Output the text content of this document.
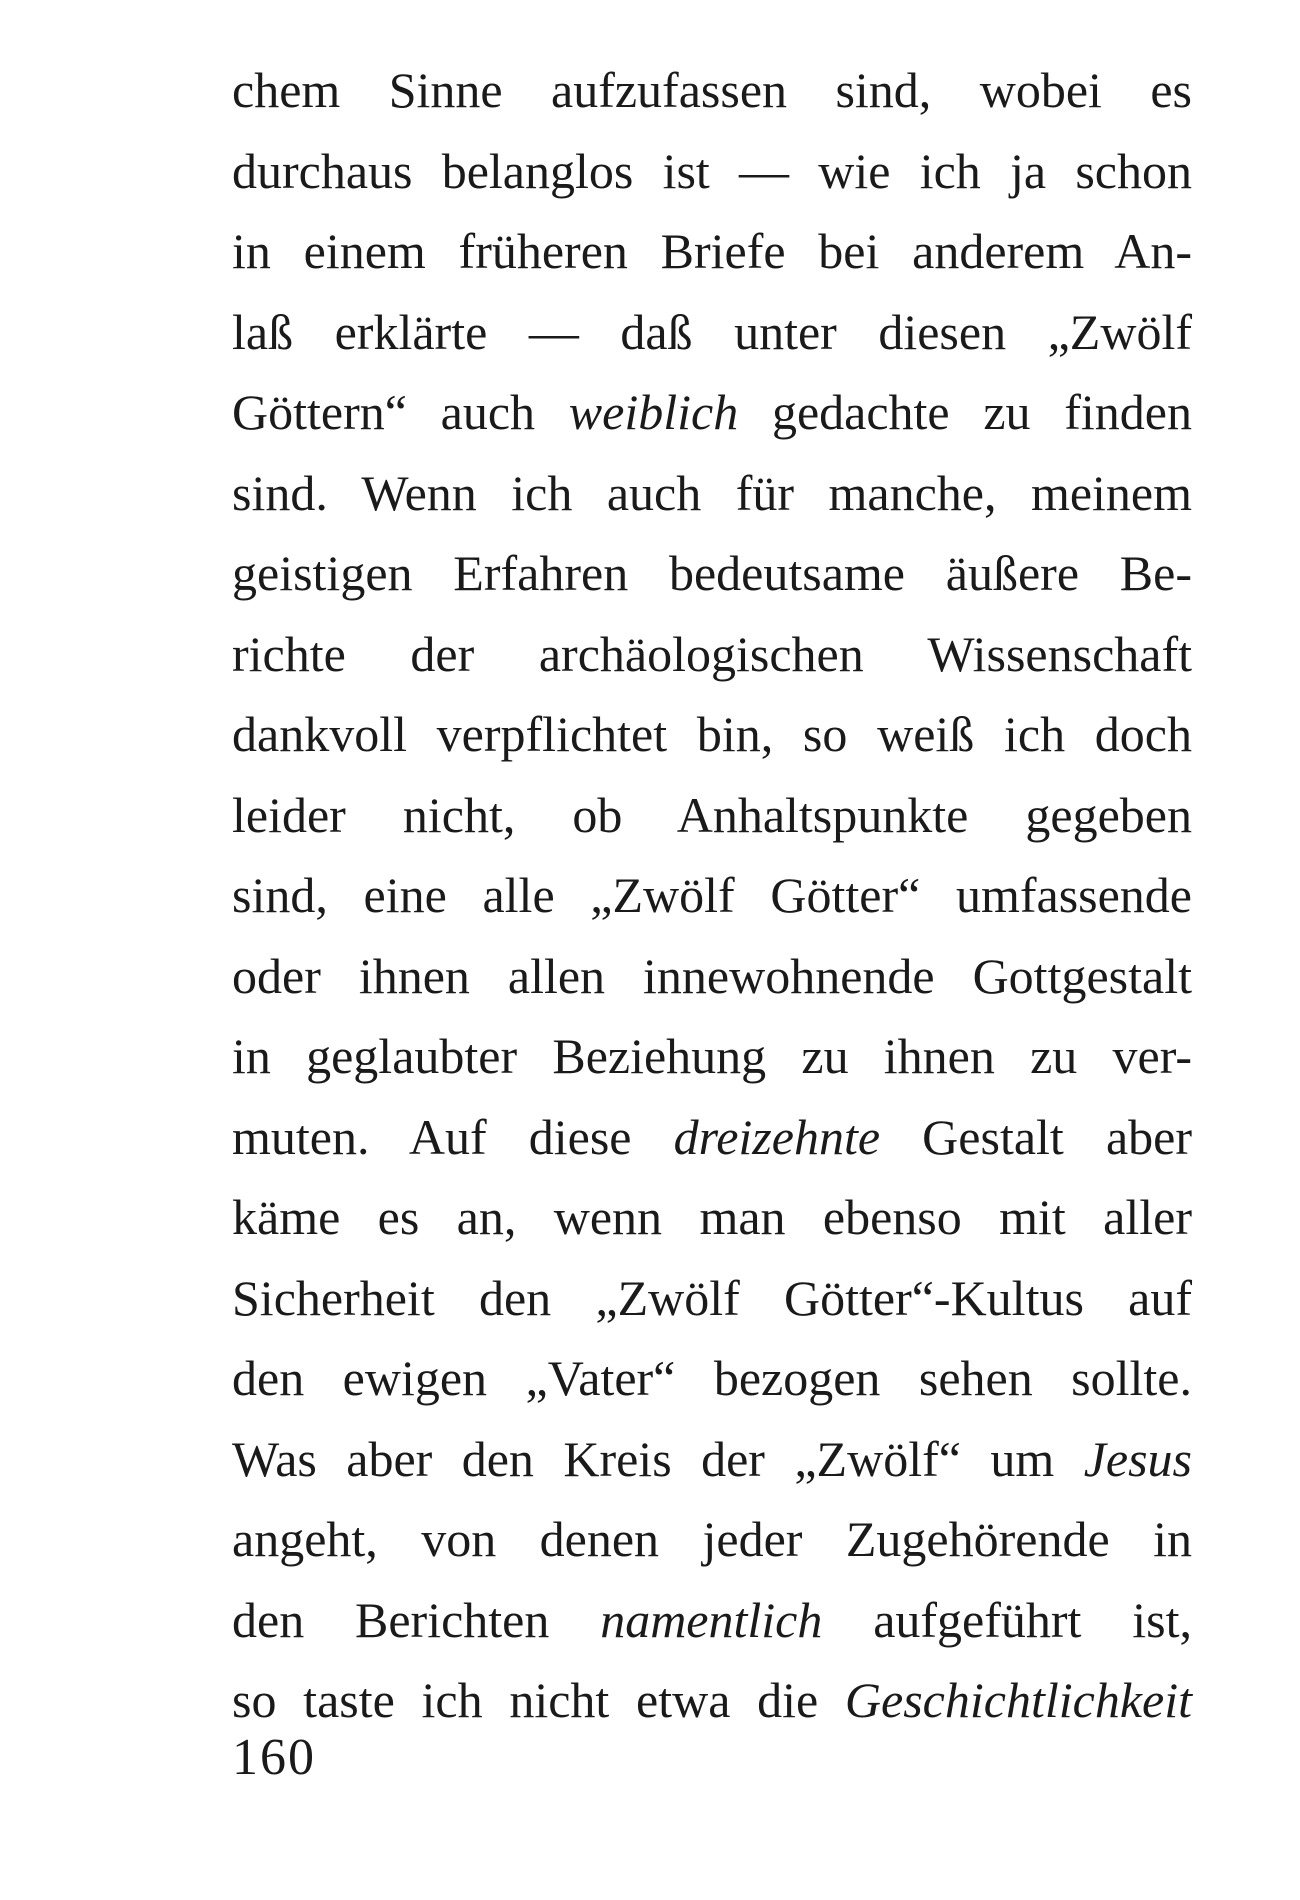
chem Sinne aufzufassen sind, wobei es
durchaus belanglos ist — wie ich ja schon
in einem früheren Briefe bei anderem An-
laß erklärte — daß unter diesen „Zwölf
Göttern“ auch weiblich gedachte zu finden
sind. Wenn ich auch für manche, meinem
geistigen Erfahren bedeutsame äußere Be-
richte der archäologischen Wissenschaft
dankvoll verpflichtet bin, so weiß ich doch
leider nicht, ob Anhaltspunkte gegeben
sind, eine alle „Zwölf Götter“ umfassende
oder ihnen allen innewohnende Gottgestalt
in geglaubter Beziehung zu ihnen zu ver-
muten. Auf diese dreizehnte Gestalt aber
käme es an, wenn man ebenso mit aller
Sicherheit den „Zwölf Götter“-Kultus auf
den ewigen „Vater“ bezogen sehen sollte.
Was aber den Kreis der „Zwölf“ um Jesus
angeht, von denen jeder Zugehörende in
den Berichten namentlich aufgeführt ist,
so taste ich nicht etwa die Geschichtlichkeit
160
